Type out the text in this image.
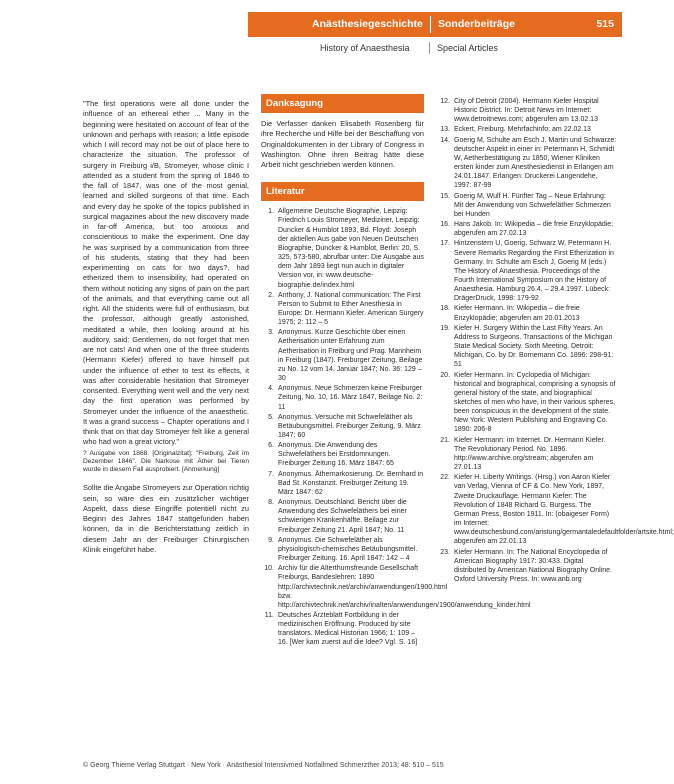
Anästhesiegeschichte Sonderbeiträge	515
History of Anaesthesia	Special Articles

"The first operations were all done under the influence of an ethereal ether ... Many in the beginning were hesitated on account of fear of the unknown and perhaps with reason; a little episode which I will record may not be out of place here to characterize the situation. The professor of surgery in Freiburg i/B, Stromeyer, whose clinic I attended as a student from the spring of 1846 to the fall of 1847, was one of the most genial, learned and skilled surgeons of that time. Each and every day he spoke of the topics published in surgical magazines about the new discovery made in far-off America, but too anxious and conscientious to make the experiment. One day he was surprised by a communication from three of his students, stating that they had been experimenting on cats for two days?, had etherized them to insensibility, had operated on them without noticing any signs of pain on the part of the animals, and that everything came out all right. All the students were full of enthusiasm, but the professor, although greatly astonished, meditated a while, then looking around at his auditory, said: Gentlemen, do not forget that men are not cats! And when one of the three students (Hermann Kiefer) offered to have himself put under the influence of ether to test its effects, it was after considerable hesitation that Stromeyer consented. Everything went well and the very next day the first operation was performed by Stromeyer under the influence of the anaesthetic. It was a grand success – Chapter operations and I think that on that day Stromeyer felt like a general who had won a great victory."

? Ausgabe von 1868. [Originalzitat]; "Freiburg, Zeit im Dezember 1846". Die Narkose mit Äther bei Tieren wurde in diesem Fall ausprobiert. [Anmerkung]

Sollte die Angabe Stromeyers zur Operation richtig sein, so wäre dies ein zusätzlicher wichtiger Aspekt, dass diese Eingriffe potentiell nicht zu Beginn des Jahres 1847 stattgefunden haben können, da in die Berichterstattung zeitlich in diesem Jahr an der Freiburger Chirurgischen Klinik eingeführt habe.

Danksagung

Die Verfasser danken Elisabeth Rosenberg für ihre Recherche und Hilfe bei der Beschaffung von Originaldokumenten in der Library of Congress in Washington. Ohne ihren Beitrag hätte diese Arbeit nicht geschrieben werden können.

Literatur
1. Allgemeine Deutsche Biographie, Leipzig: Friedrich Louis Stromeyer, Mediziner, Leipzig: Duncker & Humblot 1893, Bd. Floyd: Joseph der aktiellen Aus gabe von Neuen Deutschen Biographie, Duncker & Humblot, Berlin: 20, S. 325, 573-580, abrufbar unter: Die Ausgabe aus dem Jahr 1893 liegt nun auch in digitaler Version vor, in: www.deutsche-biographie.de/index.html
2. Anthony, J. National communication: The First Person to Submit to Ether Anesthesia in Europe: Dr. Hermann Kiefer. American Surgery 1975; 2: 112 – 5
3. Anonymus. Kurze Geschichte über einen Aetherisation unter Erfahrung zum Aetherisation in Freiburg und Prag. Mannheim in Freiburg (1847). Freiburger Zeitung, Beilage zu No. 12 vom 14. Januar 1847; No. 36: 129 – 30
4. Anonymus. Neue Schmerzen keine Freiburger Zeitung, No. 10, 16. März 1847, Beilage No. 2: 11
5. Anonymus. Versuche mit Schwefeläther als Betäubungsmittel. Freiburger Zeitung, 9. März 1847: 60
6. Anonymus. Die Anwendung des Schwefeläthers bei Erstdomnungen. Freiburger Zeitung 16. März 1847: 65
7. Anonymus. Äthernarkosierung. Dr. Bernhard in Bad St. Konstanzit. Freiburger Zeitung 19. März 1847: 62
8. Anonymus. Deutschland. Bericht über die Anwendung des Schwefeläthers bei einer schwierigen Krankenhälfte. Beilage zur Freiburger Zeitung 21. April 1847; No. 11
9. Anonymus. Die Schwefeläther als physiologisch-chemisches Betäubungsmittel. Freiburger Zeitung. 16. April 1847: 142 – 4
10. Archiv für die Alterthumsfreunde Gesellschaft Freiburgs, Bandeslehren: 1890 http://archivtechnik.net/archiv/anwendungen/1900.html bzw. http://archivtechnik.net/archiv/inalten/anwendungen/1900/anwendung_kinder.html
11. Deutsches Ärzteblatt Fortbildung in der medizinischen Eröffnung. Produced by site translators. Medical Historian 1966; 1: 109 – 16. [Wer kam zuerst auf die Idee? Vgl. S. 16]
12. City of Detroit (2004). Hermann Kiefer Hospital Historic District. In: Detroit News im Internet: www.detroitnews.com; abgerufen am 13.02.13
13. Eckert, Freiburg. Mehrfachinfo: am 22.02.13
14. Goerig M, Schulte am Esch J. Martin und Schwarze: deutscher Aspekt in einer in: Petermann H, Schmidt W, Aetherbestätigung zu 1850, Wiener Kliniken ersten kinder zum Anesthesiedienst in Erlangen am 24.01.1847. Erlangen: Druckerei Langendehe, 1997: 87-99
15. Goerig M, Wulf H. Fünfter Tag – Neue Erfahrung: Mit der Anwendung von Schwefeläther Schmerzen bei Hunden
16. Hans Jakob. In: Wikipedia – die freie Enzyklopädie; abgerufen am 27.02.13
17. Hintzenstern U, Goerig, Schwarz W, Petermann H. Severe Remarks Regarding the First Etherization in Germany. In: Schulte am Esch J, Goerig M (eds.) The History of Anaesthesia. Proceedings of the Fourth International Symposium on the History of Anaesthesia. Hamburg 26.4. – 29.4.1997. Lübeck: DrägerDruck, 1998: 179-92
18. Kiefer Hermann. In: Wikipedia – die freie Enzyklopädie; abgerufen am 20.01.2013
19. Kiefer H. Surgery Within the Last Fifty Years. An Address to Surgeons. Transactions of the Michigan State Medical Society. Sixth Meeting. Detroit: Michigan, Co. by Dr. Bornemann Co. 1896: 298-91: 51
20. Kiefer Hermann. In: Cyclopedia of Michigan: historical and biographical, comprising a synopsis of general history of the state, and biographical sketches of men who have, in their various spheres, been conspicuous in the development of the state. New York: Western Publishing and Engraving Co. 1890: 206-8
21. Kiefer Hermann: im Internet. Dr. Hermann Kiefer. The Revolutionary Period. No. 1896. http://www.archive.org/stream; abgerufen am 27.01.13
22. Kiefer H. Liberty Writings. (Hrsg.) von Aaron Kiefer van Verlag, Vienna of CF & Co. New York, 1897, Zweite Druckauflage. Hermann Kiefer: The Revolution of 1848 Richard G. Burgess. The German Press, Boston 1911. In: (obaigeser Form) im Internet: www.deutschesbund.com/aristung/germantaledefaultfolder/artsite.html; abgerufen am 22.01.13
23. Kiefer Hermann. In: The National Encyclopedia of American Biography 1917: 30:433. Digital distributed by American National Biography Online. Oxford University Press. In: www.anb.org
© Georg Thieme Verlag Stuttgart · New York · Anästhesiol Intensivmed Notfallmed Schmerzther 2013; 48: 510 – 515
